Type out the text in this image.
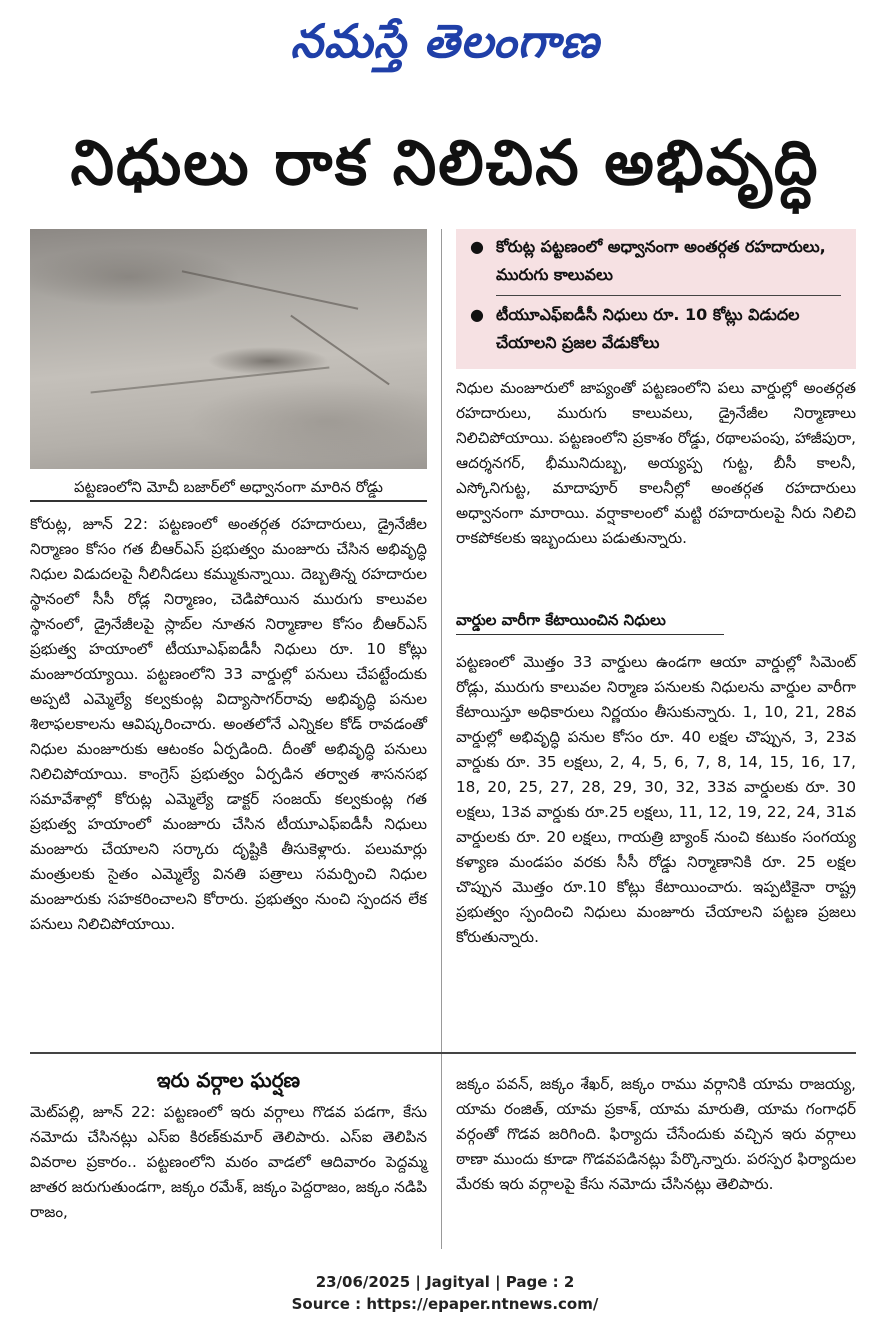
నమస్తే తెలంగాణ
నిధులు రాక నిలిచిన అభివృద్ధి
పట్టణంలోని మోచీ బజార్‌లో అధ్వానంగా మారిన రోడ్డు
● కోరుట్ల పట్టణంలో అధ్వానంగా అంతర్గత రహదారులు, మురుగు కాలువలు
● టీయూఎఫ్‌ఐడీసీ నిధులు రూ. 10 కోట్లు విడుదల చేయాలని ప్రజల వేడుకోలు
కోరుట్ల, జూన్ 22: పట్టణంలో అంతర్గత రహదారులు, డ్రైనేజీల నిర్మాణం కోసం గత బీఆర్‌ఎస్ ప్రభుత్వం మంజూరు చేసిన అభివృద్ధి నిధుల విడుదలపై నీలినీడలు కమ్ముకున్నాయి. దెబ్బతిన్న రహదారుల స్థానంలో సీసీ రోడ్ల నిర్మాణం, చెడిపోయిన మురుగు కాలువల స్థానంలో, డ్రైనేజీలపై స్లాబ్‌ల నూతన నిర్మాణాల కోసం బీఆర్‌ఎస్ ప్రభుత్వ హయాంలో టీయూఎఫ్‌ఐడీసీ నిధులు రూ. 10 కోట్లు మంజూరయ్యాయి. పట్టణంలోని 33 వార్డుల్లో పనులు చేపట్టేందుకు అప్పటి ఎమ్మెల్యే కల్వకుంట్ల విద్యాసాగర్‌రావు అభివృద్ధి పనుల శిలాఫలకాలను ఆవిష్కరించారు. అంతలోనే ఎన్నికల కోడ్ రావడంతో నిధుల మంజూరుకు ఆటంకం ఏర్పడింది. దీంతో అభివృద్ధి పనులు నిలిచిపోయాయి. కాంగ్రెస్ ప్రభుత్వం ఏర్పడిన తర్వాత శాసనసభ సమావేశాల్లో కోరుట్ల ఎమ్మెల్యే డాక్టర్ సంజయ్ కల్వకుంట్ల గత ప్రభుత్వ హయాంలో మంజూరు చేసిన టీయూఎఫ్‌ఐడీసీ నిధులు మంజూరు చేయాలని సర్కారు దృష్టికి తీసుకెళ్లారు. పలుమార్లు మంత్రులకు సైతం ఎమ్మెల్యే వినతి పత్రాలు సమర్పించి నిధుల మంజూరుకు సహకరించాలని కోరారు. ప్రభుత్వం నుంచి స్పందన లేక పనులు నిలిచిపోయాయి.
నిధుల మంజూరులో జాప్యంతో పట్టణంలోని పలు వార్డుల్లో అంతర్గత రహదారులు, మురుగు కాలువలు, డ్రైనేజీల నిర్మాణాలు నిలిచిపోయాయి. పట్టణంలోని ప్రకాశం రోడ్డు, రథాలపంపు, హాజీపురా, ఆదర్శనగర్, భీమునిదుబ్బ, అయ్యప్ప గుట్ట, బీసీ కాలనీ, ఎస్కోనిగుట్ట, మాదాపూర్ కాలనీల్లో అంతర్గత రహదారులు అధ్వానంగా మారాయి. వర్షాకాలంలో మట్టి రహదారులపై నీరు నిలిచి రాకపోకలకు ఇబ్బందులు పడుతున్నారు.
వార్డుల వారీగా కేటాయించిన నిధులు
పట్టణంలో మొత్తం 33 వార్డులు ఉండగా ఆయా వార్డుల్లో సిమెంట్ రోడ్లు, మురుగు కాలువల నిర్మాణ పనులకు నిధులను వార్డుల వారీగా కేటాయిస్తూ అధికారులు నిర్ణయం తీసుకున్నారు. 1, 10, 21, 28వ వార్డుల్లో అభివృద్ధి పనుల కోసం రూ. 40 లక్షల చొప్పున, 3, 23వ వార్డుకు రూ. 35 లక్షలు, 2, 4, 5, 6, 7, 8, 14, 15, 16, 17, 18, 20, 25, 27, 28, 29, 30, 32, 33వ వార్డులకు రూ. 30 లక్షలు, 13వ వార్డుకు రూ.25 లక్షలు, 11, 12, 19, 22, 24, 31వ వార్డులకు రూ. 20 లక్షలు, గాయత్రి బ్యాంక్ నుంచి కటుకం సంగయ్య కళ్యాణ మండపం వరకు సీసీ రోడ్డు నిర్మాణానికి రూ. 25 లక్షల చొప్పున మొత్తం రూ.10 కోట్లు కేటాయించారు. ఇప్పటికైనా రాష్ట్ర ప్రభుత్వం స్పందించి నిధులు మంజూరు చేయాలని పట్టణ ప్రజలు కోరుతున్నారు.
ఇరు వర్గాల ఘర్షణ
మెట్‌పల్లి, జూన్ 22: పట్టణంలో ఇరు వర్గాలు గొడవ పడగా, కేసు నమోదు చేసినట్లు ఎస్‌ఐ కిరణ్‌కుమార్ తెలిపారు. ఎస్‌ఐ తెలిపిన వివరాల ప్రకారం.. పట్టణంలోని మఠం వాడలో ఆదివారం పెద్దమ్మ జాతర జరుగుతుండగా, జక్కం రమేశ్, జక్కం పెద్దరాజం, జక్కం నడిపి రాజం,
జక్కం పవన్, జక్కం శేఖర్, జక్కం రాము వర్గానికి యామ రాజయ్య, యామ రంజిత్, యామ ప్రకాశ్, యామ మారుతి, యామ గంగాధర్ వర్గంతో గొడవ జరిగింది. ఫిర్యాదు చేసేందుకు వచ్చిన ఇరు వర్గాలు ఠాణా ముందు కూడా గొడవపడినట్లు పేర్కొన్నారు. పరస్పర ఫిర్యాదుల మేరకు ఇరు వర్గాలపై కేసు నమోదు చేసినట్లు తెలిపారు.
23/06/2025 | Jagityal | Page : 2
Source : https://epaper.ntnews.com/
